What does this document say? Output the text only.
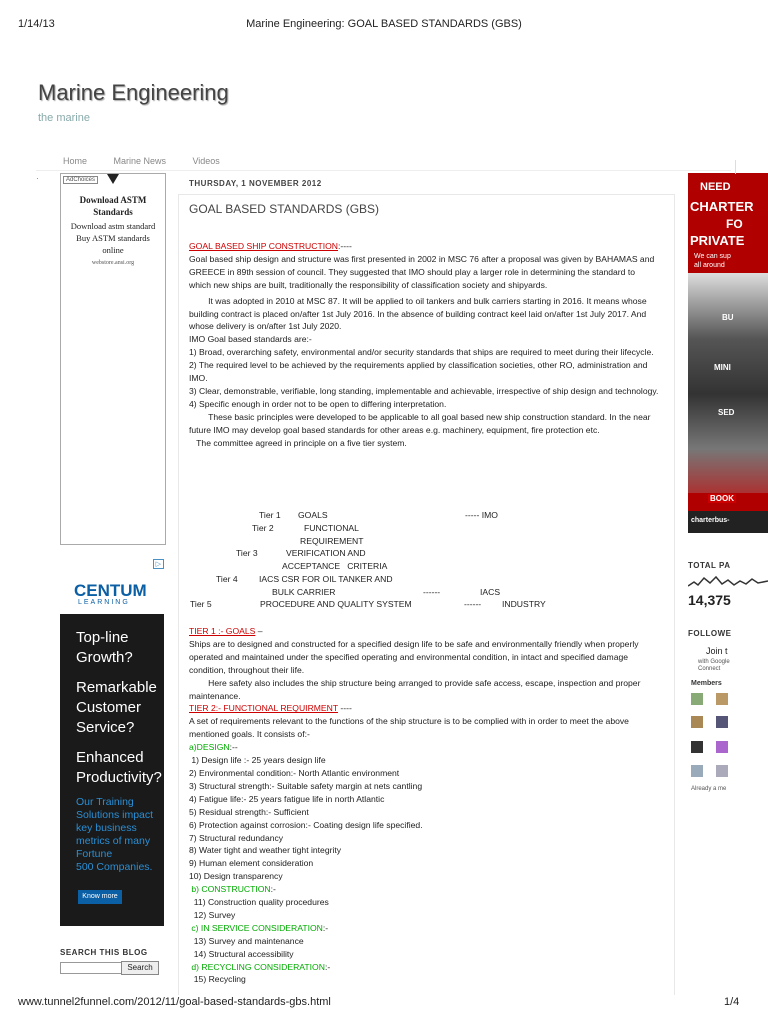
1/14/13	Marine Engineering: GOAL BASED STANDARDS (GBS)
Marine Engineering
the marine
Home	Marine News	Videos
AdChoices
Download ASTM Standards
Download astm standard Buy ASTM standards online
webstore.ansi.org
·
▷
CENTUM
LEARNING
Top-line
Growth?
Remarkable
Customer
Service?
Enhanced
Productivity?
Our Training
Solutions impact
key business
metrics of many
Fortune
500 Companies.
Know more
SEARCH THIS BLOG
Search
THURSDAY, 1 NOVEMBER 2012
GOAL BASED STANDARDS (GBS)
GOAL BASED SHIP CONSTRUCTION:----
Goal based ship design and structure was first presented in 2002 in MSC 76 after a proposal was given by BAHAMAS and GREECE in 89th session of council. They suggested that IMO should play a larger role in determining the standard to which new ships are built, traditionally the responsibility of classification society and shipyards.
It was adopted in 2010 at MSC 87. It will be applied to oil tankers and bulk carriers starting in 2016. It means whose building contract is placed on/after 1st July 2016. In the absence of building contract keel laid on/after 1st July 2017. And whose delivery is on/after 1st July 2020.
IMO Goal based standards are:-
1) Broad, overarching safety, environmental and/or security standards that ships are required to meet during their lifecycle.
2) The required level to be achieved by the requirements applied by classification societies, other RO, administration and IMO.
3) Clear, demonstrable, verifiable, long standing, implementable and achievable, irrespective of ship design and technology.
4) Specific enough in order not to be open to differing interpretation.
These basic principles were developed to be applicable to all goal based new ship construction standard. In the near future IMO may develop goal based standards for other areas e.g. machinery, equipment, fire protection etc.
The committee agreed in principle on a five tier system.
Tier 1 GOALS	----- IMO
Tier 2	FUNCTIONAL
REQUIREMENT
Tier 3	VERIFICATION AND
ACCEPTANCE   CRITERIA
Tier 4 IACS CSR FOR OIL TANKER AND
BULK CARRIER	------	IACS
Tier 5	PROCEDURE AND QUALITY SYSTEM	------ INDUSTRY
TIER 1 :- GOALS –
Ships are to designed and constructed for a specified design life to be safe and environmentally friendly when properly operated and maintained under the specified operating and environmental condition, in intact and specified damage condition, throughout their life.
Here safety also includes the ship structure being arranged to provide safe access, escape, inspection and proper maintenance.
TIER 2:- FUNCTIONAL REQUIRMENT ----
A set of requirements relevant to the functions of the ship structure is to be complied with in order to meet the above mentioned goals. It consists of:-
a)DESIGN:--
1) Design life :- 25 years design life
2) Environmental condition:- North Atlantic environment
3) Structural strength:- Suitable safety margin at nets cantling
4) Fatigue life:- 25 years fatigue life in north Atlantic
5) Residual strength:- Sufficient
6) Protection against corrosion:- Coating design life specified.
7) Structural redundancy
8) Water tight and weather tight integrity
9) Human element consideration
10) Design transparency
b) CONSTRUCTION:-
11) Construction quality procedures
12) Survey
c) IN SERVICE CONSIDERATION:-
13) Survey and maintenance
14) Structural accessibility
d) RECYCLING CONSIDERATION:-
15) Recycling
NEED
CHARTER
FO
PRIVATE
We can sup
all around
BU
MINI
SED
BOOK
charterbus-
TOTAL PA
14,375
FOLLOWE
Join t
with Google
Connect
Members
Already a me
www.tunnel2funnel.com/2012/11/goal-based-standards-gbs.html	1/4
